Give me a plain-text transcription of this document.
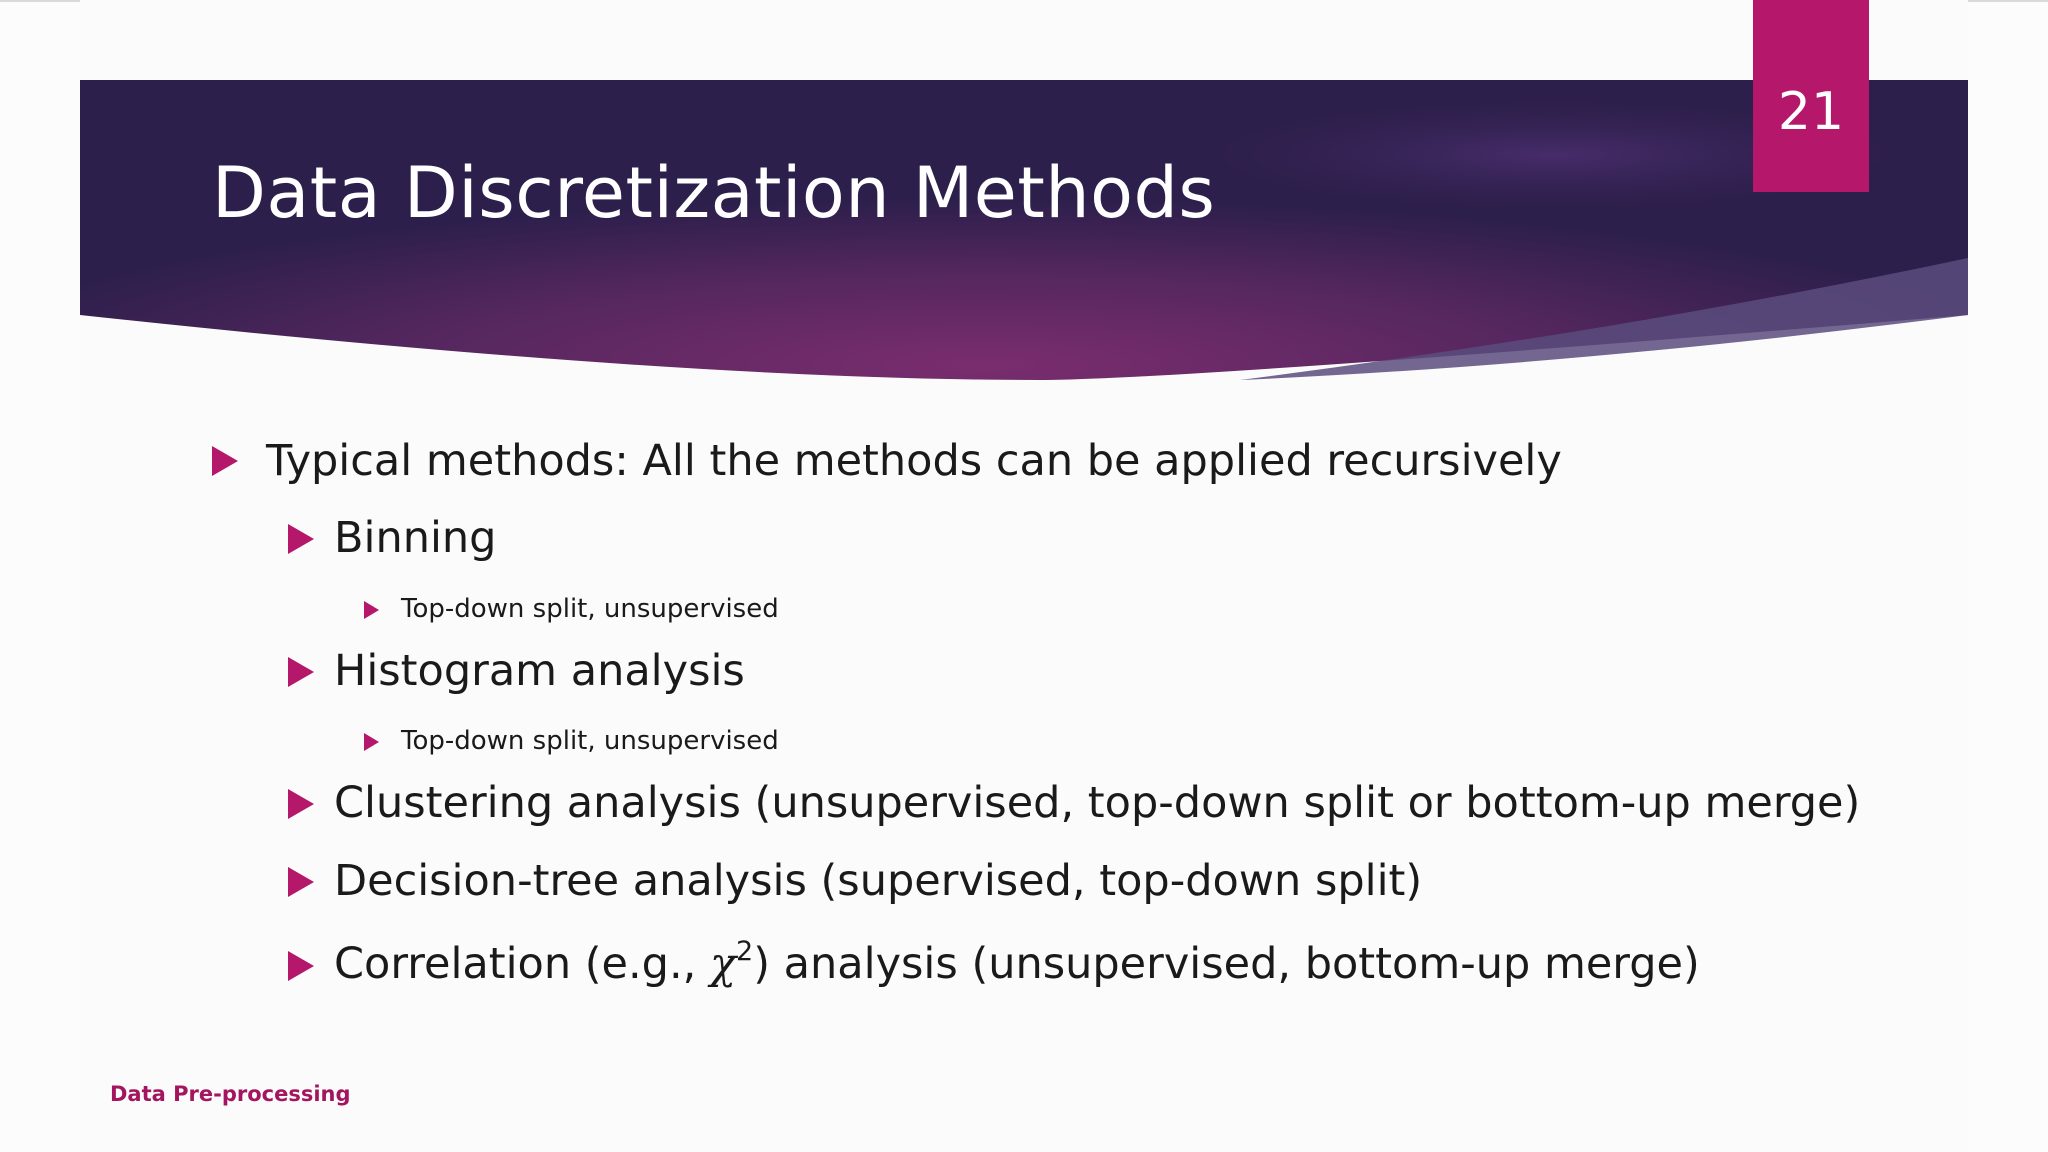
Data Discretization Methods
21
Typical methods: All the methods can be applied recursively
Binning
Top-down split, unsupervised
Histogram analysis
Top-down split, unsupervised
Clustering analysis (unsupervised, top-down split or bottom-up merge)
Decision-tree analysis (supervised, top-down split)
Correlation (e.g., $\chi^2$) analysis (unsupervised, bottom-up merge)
Data Pre-processing
